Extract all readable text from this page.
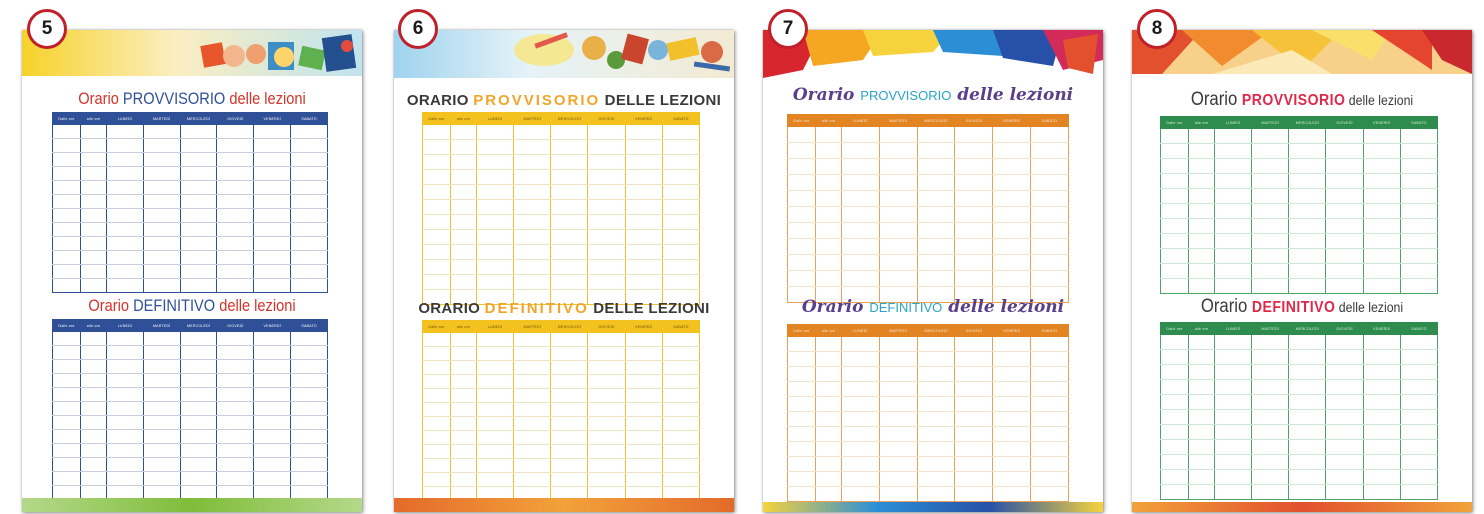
Orario PROVVISORIO delle lezioni
Dalle ore	alle ore	LUNEDÌ	MARTEDÌ	MERCOLEDÌ	GIOVEDÌ	VENERDÌ	SABATO

Orario DEFINITIVO delle lezioni
Dalle ore	alle ore	LUNEDÌ	MARTEDÌ	MERCOLEDÌ	GIOVEDÌ	VENERDÌ	SABATO

5
ORARIO PROVVISORIO DELLE LEZIONI
Dalle ore	alle ore	LUNEDÌ	MARTEDÌ	MERCOLEDÌ	GIOVEDÌ	VENERDÌ	SABATO

ORARIO DEFINITIVO DELLE LEZIONI
Dalle ore	alle ore	LUNEDÌ	MARTEDÌ	MERCOLEDÌ	GIOVEDÌ	VENERDÌ	SABATO

6
Orario PROVVISORIO delle lezioni
Dalle ore	alle ore	LUNEDÌ	MARTEDÌ	MERCOLEDÌ	GIOVEDÌ	VENERDÌ	SABATO

Orario DEFINITIVO delle lezioni
Dalle ore	alle ore	LUNEDÌ	MARTEDÌ	MERCOLEDÌ	GIOVEDÌ	VENERDÌ	SABATO

7
Orario PROVVISORIO delle lezioni
Dalle ore	alle ore	LUNEDÌ	MARTEDÌ	MERCOLEDÌ	GIOVEDÌ	VENERDÌ	SABATO

Orario DEFINITIVO delle lezioni
Dalle ore	alle ore	LUNEDÌ	MARTEDÌ	MERCOLEDÌ	GIOVEDÌ	VENERDÌ	SABATO

8
